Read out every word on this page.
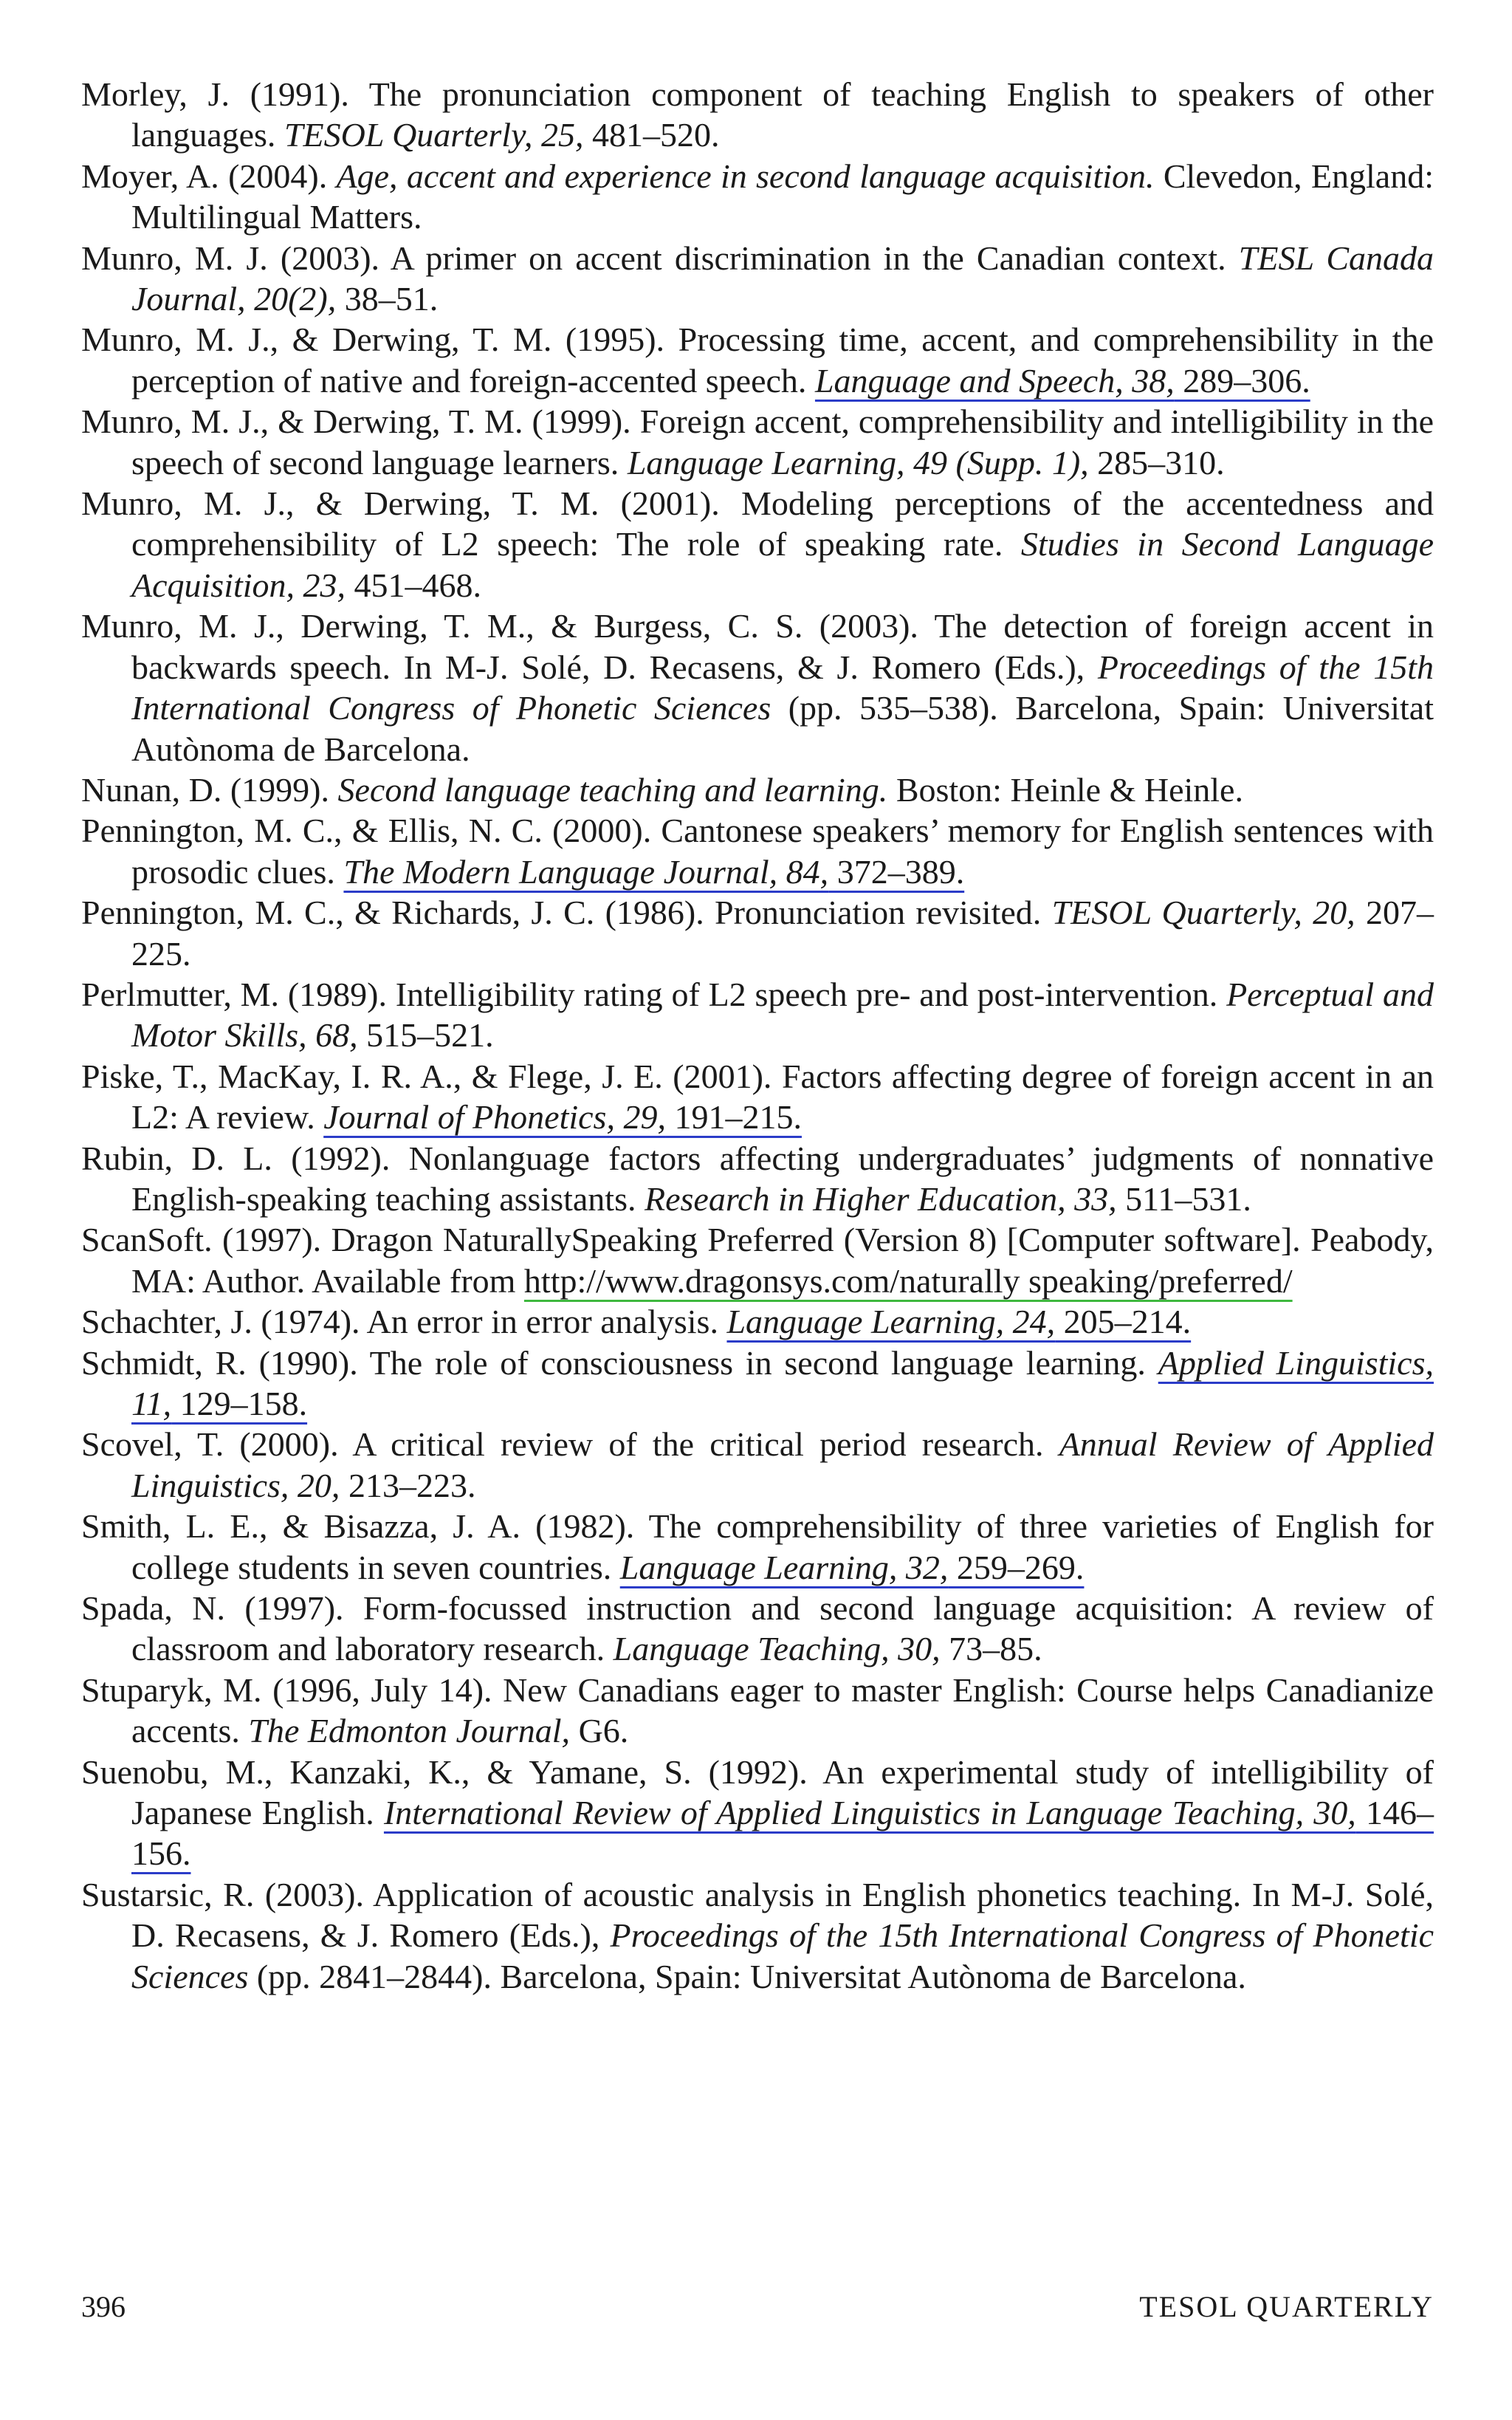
Morley, J. (1991). The pronunciation component of teaching English to speakers of other languages. TESOL Quarterly, 25, 481–520.

Moyer, A. (2004). Age, accent and experience in second language acquisition. Clevedon, England: Multilingual Matters.

Munro, M. J. (2003). A primer on accent discrimination in the Canadian context. TESL Canada Journal, 20(2), 38–51.

Munro, M. J., & Derwing, T. M. (1995). Processing time, accent, and comprehensibility in the perception of native and foreign-accented speech. Language and Speech, 38, 289–306.

Munro, M. J., & Derwing, T. M. (1999). Foreign accent, comprehensibility and intelligibility in the speech of second language learners. Language Learning, 49 (Supp. 1), 285–310.

Munro, M. J., & Derwing, T. M. (2001). Modeling perceptions of the accentedness and comprehensibility of L2 speech: The role of speaking rate. Studies in Second Language Acquisition, 23, 451–468.

Munro, M. J., Derwing, T. M., & Burgess, C. S. (2003). The detection of foreign accent in backwards speech. In M-J. Solé, D. Recasens, & J. Romero (Eds.), Proceedings of the 15th International Congress of Phonetic Sciences (pp. 535–538). Barcelona, Spain: Universitat Autònoma de Barcelona.

Nunan, D. (1999). Second language teaching and learning. Boston: Heinle & Heinle.

Pennington, M. C., & Ellis, N. C. (2000). Cantonese speakers’ memory for English sentences with prosodic clues. The Modern Language Journal, 84, 372–389.

Pennington, M. C., & Richards, J. C. (1986). Pronunciation revisited. TESOL Quarterly, 20, 207–225.

Perlmutter, M. (1989). Intelligibility rating of L2 speech pre- and post-intervention. Perceptual and Motor Skills, 68, 515–521.

Piske, T., MacKay, I. R. A., & Flege, J. E. (2001). Factors affecting degree of foreign accent in an L2: A review. Journal of Phonetics, 29, 191–215.

Rubin, D. L. (1992). Nonlanguage factors affecting undergraduates’ judgments of nonnative English-speaking teaching assistants. Research in Higher Education, 33, 511–531.

ScanSoft. (1997). Dragon NaturallySpeaking Preferred (Version 8) [Computer software]. Peabody, MA: Author. Available from http://www.dragonsys.com/naturally speaking/preferred/

Schachter, J. (1974). An error in error analysis. Language Learning, 24, 205–214.

Schmidt, R. (1990). The role of consciousness in second language learning. Applied Linguistics, 11, 129–158.

Scovel, T. (2000). A critical review of the critical period research. Annual Review of Applied Linguistics, 20, 213–223.

Smith, L. E., & Bisazza, J. A. (1982). The comprehensibility of three varieties of English for college students in seven countries. Language Learning, 32, 259–269.

Spada, N. (1997). Form-focussed instruction and second language acquisition: A review of classroom and laboratory research. Language Teaching, 30, 73–85.

Stuparyk, M. (1996, July 14). New Canadians eager to master English: Course helps Canadianize accents. The Edmonton Journal, G6.

Suenobu, M., Kanzaki, K., & Yamane, S. (1992). An experimental study of intelligibility of Japanese English. International Review of Applied Linguistics in Language Teaching, 30, 146–156.

Sustarsic, R. (2003). Application of acoustic analysis in English phonetics teaching. In M-J. Solé, D. Recasens, & J. Romero (Eds.), Proceedings of the 15th International Congress of Phonetic Sciences (pp. 2841–2844). Barcelona, Spain: Universitat Autònoma de Barcelona.

396	TESOL QUARTERLY
